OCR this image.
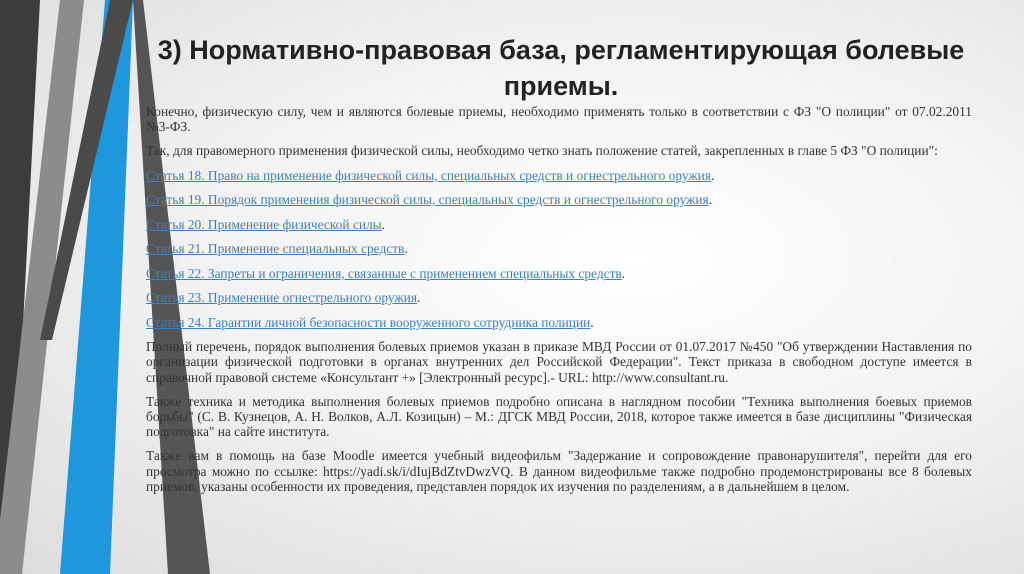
3) Нормативно-правовая база, регламентирующая болевые приемы.

Конечно, физическую силу, чем и являются болевые приемы, необходимо применять только в соответствии с ФЗ "О полиции" от 07.02.2011 №3-ФЗ.

Так, для правомерного применения физической силы, необходимо четко знать положение статей, закрепленных в главе 5 ФЗ "О полиции":

Статья 18. Право на применение физической силы, специальных средств и огнестрельного оружия.

Статья 19. Порядок применения физической силы, специальных средств и огнестрельного оружия.

Статья 20. Применение физической силы.

Статья 21. Применение специальных средств.

Статья 22. Запреты и ограничения, связанные с применением специальных средств.

Статья 23. Применение огнестрельного оружия.

Статья 24. Гарантии личной безопасности вооруженного сотрудника полиции.

Полный перечень, порядок выполнения болевых приемов указан в приказе МВД России от 01.07.2017 №450 "Об утверждении Наставления по организации физической подготовки в органах внутренних дел Российской Федерации". Текст приказа в свободном доступе имеется в справочной правовой системе «Консультант +» [Электронный ресурс].- URL: http://www.consultant.ru.

Также техника и методика выполнения болевых приемов подробно описана в наглядном пособии "Техника выполнения боевых приемов борьбы" (С. В. Кузнецов, А. Н. Волков, А.Л. Козицын) – М.: ДГСК МВД России, 2018, которое также имеется в базе дисциплины "Физическая подготовка" на сайте института.

Также вам в помощь на базе Moodle имеется учебный видеофильм "Задержание и сопровождение правонарушителя", перейти для его просмотра можно по ссылке: https://yadi.sk/i/dIujBdZtvDwzVQ. В данном видеофильме также подробно продемонстрированы все 8 болевых приемов, указаны особенности их проведения, представлен порядок их изучения по разделениям, а в дальнейшем в целом.
